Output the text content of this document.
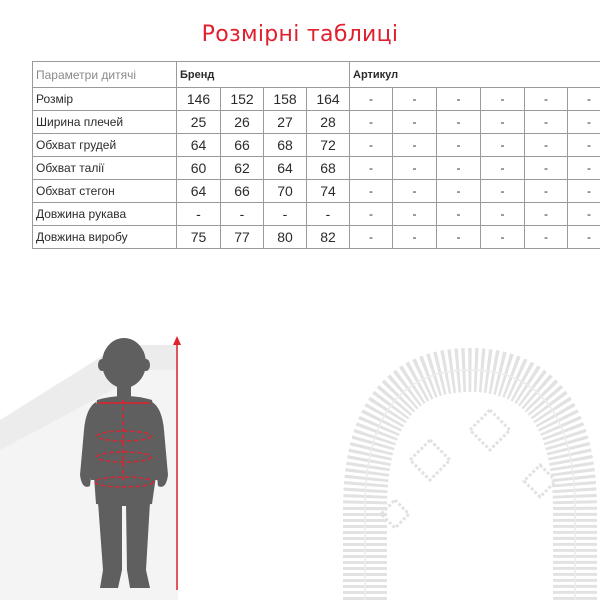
Розмірні таблиці
Параметри дитячі	Бренд				Артикул					
Розмір	146	152	158	164	-	-	-	-	-	-
Ширина плечей	25	26	27	28	-	-	-	-	-	-
Обхват грудей	64	66	68	72	-	-	-	-	-	-
Обхват талії	60	62	64	68	-	-	-	-	-	-
Обхват стегон	64	66	70	74	-	-	-	-	-	-
Довжина рукава	-	-	-	-	-	-	-	-	-	-
Довжина виробу	75	77	80	82	-	-	-	-	-	-
